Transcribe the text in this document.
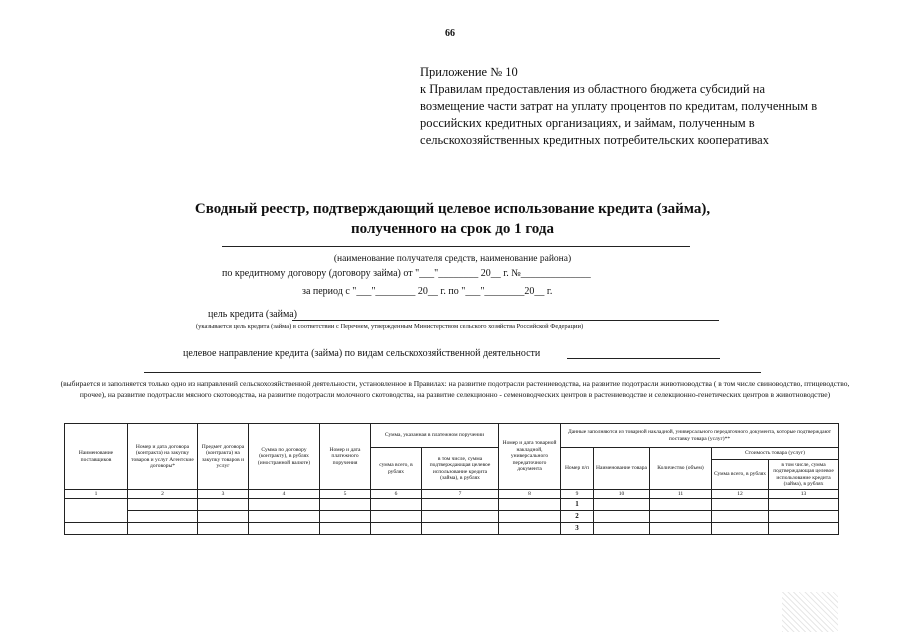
66
Приложение № 10
к Правилам предоставления из областного бюджета субсидий на
возмещение части затрат на уплату процентов по кредитам, полученным в
российских кредитных организациях, и займам, полученным в
сельскохозяйственных кредитных потребительских кооперативах
Сводный реестр, подтверждающий целевое использование кредита (займа),
полученного на срок до 1 года
(наименование получателя средств, наименование района)
по кредитному договору (договору займа) от "___"________ 20__ г. №______________
за период с "___"________ 20__ г. по "___"________20__ г.
цель кредита (займа)
(указывается цель кредита (займа) в соответствии с Перечнем, утвержденным Министерством сельского хозяйства Российской Федерации)
целевое направление кредита (займа) по видам сельскохозяйственной деятельности
(выбирается и заполняется только одно из направлений сельскохозяйственной деятельности, установленное в Правилах: на развитие подотрасли растениеводства, на развитие подотрасли животноводства ( в том числе свиноводство, птицеводство, прочее), на развитие подотрасли мясного скотоводства, на развитие подотрасли молочного скотоводства, на развитие селекционно - семеноводческих центров в растениеводстве и селекционно-генетических центров в животноводстве)
Наименование поставщиков	Номер и дата договора (контракта) на закупку товаров и услуг Агентские договоры*	Предмет договора (контракта) на закупку товаров и услуг	Сумма по договору (контракту), в рублях (иностранной валюте)	Номер и дата платежного поручения	Сумма, указанная в платежном поручении		Номер и дата товарной накладной, универсального передаточного документа	Данные заполняются из товарной накладной, универсального передаточного документа, которые подтверждают поставку товара (услуг)**				
					сумма всего, в рублях	в том числе, сумма подтверждающая целевое использование кредита (займа), в рублях		Номер п/п	Наименование товара	Количество (объем)	Стоимость товара (услуг)	
											Сумма всего, в рублях	в том числе, сумма подтверждающая целевое использование кредита (займа), в рублях
1	2	3	4	5	6	7	8	9	10	11	12	13
								1				
								2				
								3				
